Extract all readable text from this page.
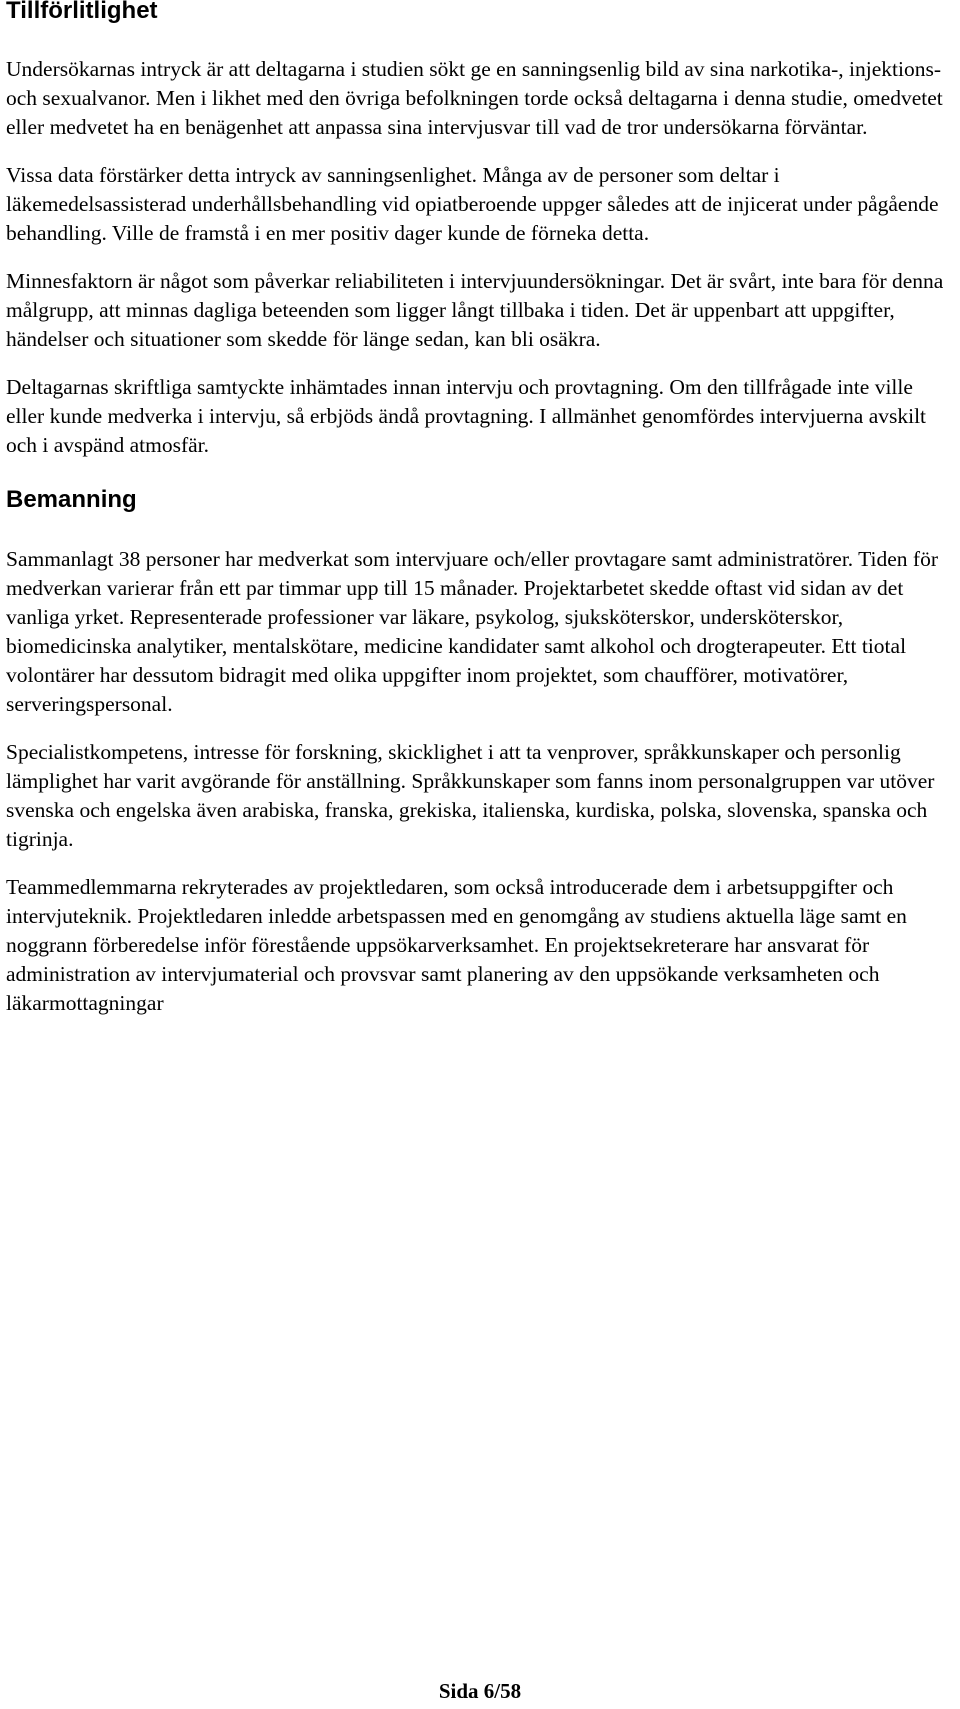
Tillförlitlighet

Undersökarnas intryck är att deltagarna i studien sökt ge en sanningsenlig bild av sina narkotika-, injektions- och sexualvanor. Men i likhet med den övriga befolkningen torde också deltagarna i denna studie, omedvetet eller medvetet ha en benägenhet att anpassa sina intervjusvar till vad de tror undersökarna förväntar.

Vissa data förstärker detta intryck av sanningsenlighet. Många av de personer som deltar i läkemedelsassisterad underhållsbehandling vid opiatberoende uppger således att de injicerat under pågående behandling. Ville de framstå i en mer positiv dager kunde de förneka detta.

Minnesfaktorn är något som påverkar reliabiliteten i intervjuundersökningar. Det är svårt, inte bara för denna målgrupp, att minnas dagliga beteenden som ligger långt tillbaka i tiden. Det är uppenbart att uppgifter, händelser och situationer som skedde för länge sedan, kan bli osäkra.

Deltagarnas skriftliga samtyckte inhämtades innan intervju och provtagning. Om den tillfrågade inte ville eller kunde medverka i intervju, så erbjöds ändå provtagning. I allmänhet genomfördes intervjuerna avskilt och i avspänd atmosfär.

Bemanning

Sammanlagt 38 personer har medverkat som intervjuare och/eller provtagare samt administratörer. Tiden för medverkan varierar från ett par timmar upp till 15 månader. Projektarbetet skedde oftast vid sidan av det vanliga yrket. Representerade professioner var läkare, psykolog, sjuksköterskor, undersköterskor, biomedicinska analytiker, mentalskötare, medicine kandidater samt alkohol och drogterapeuter. Ett tiotal volontärer har dessutom bidragit med olika uppgifter inom projektet, som chaufförer, motivatörer, serveringspersonal.

Specialistkompetens, intresse för forskning, skicklighet i att ta venprover, språkkunskaper och personlig lämplighet har varit avgörande för anställning. Språkkunskaper som fanns inom personalgruppen var utöver svenska och engelska även arabiska, franska, grekiska, italienska, kurdiska, polska, slovenska, spanska och tigrinja.

Teammedlemmarna rekryterades av projektledaren, som också introducerade dem i arbetsuppgifter och intervjuteknik. Projektledaren inledde arbetspassen med en genomgång av studiens aktuella läge samt en noggrann förberedelse inför förestående uppsökarverksamhet. En projektsekreterare har ansvarat för administration av intervjumaterial och provsvar samt planering av den uppsökande verksamheten och läkarmottagningar

Sida 6/58
